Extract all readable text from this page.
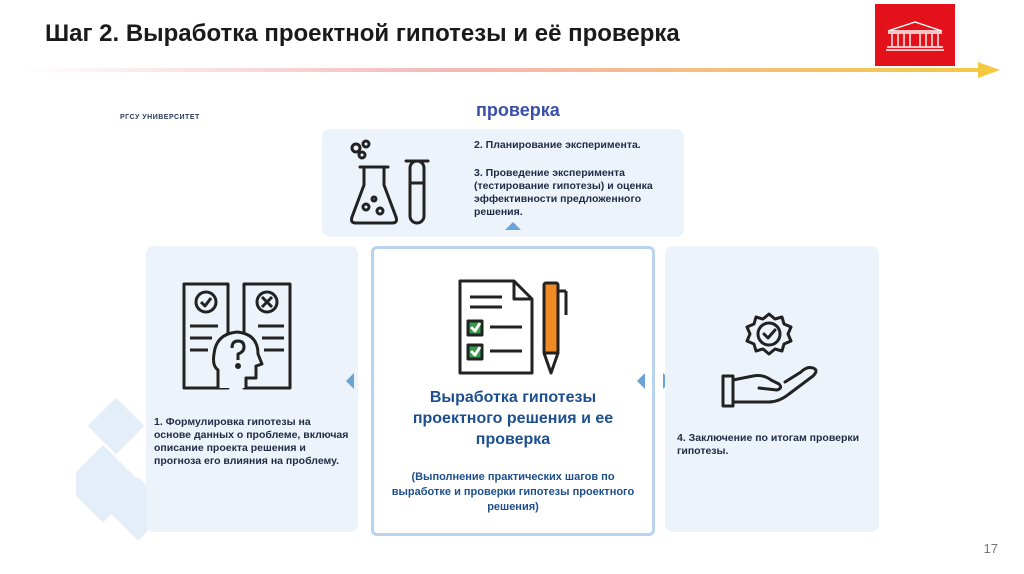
Шаг 2. Выработка проектной гипотезы и её проверка
РГСУ УНИВЕРСИТЕТ	проверка

2. Планирование эксперимента.

3. Проведение эксперимента (тестирование гипотезы) и оценка эффективности предложенного решения.

1. Формулировка гипотезы на основе данных о проблеме, включая описание проекта решения и прогноза его влияния на проблему.

Выработка гипотезы проектного решения и ее проверка

(Выполнение практических шагов по выработке и проверки гипотезы проектного решения)

4. Заключение по итогам проверки гипотезы.

17
